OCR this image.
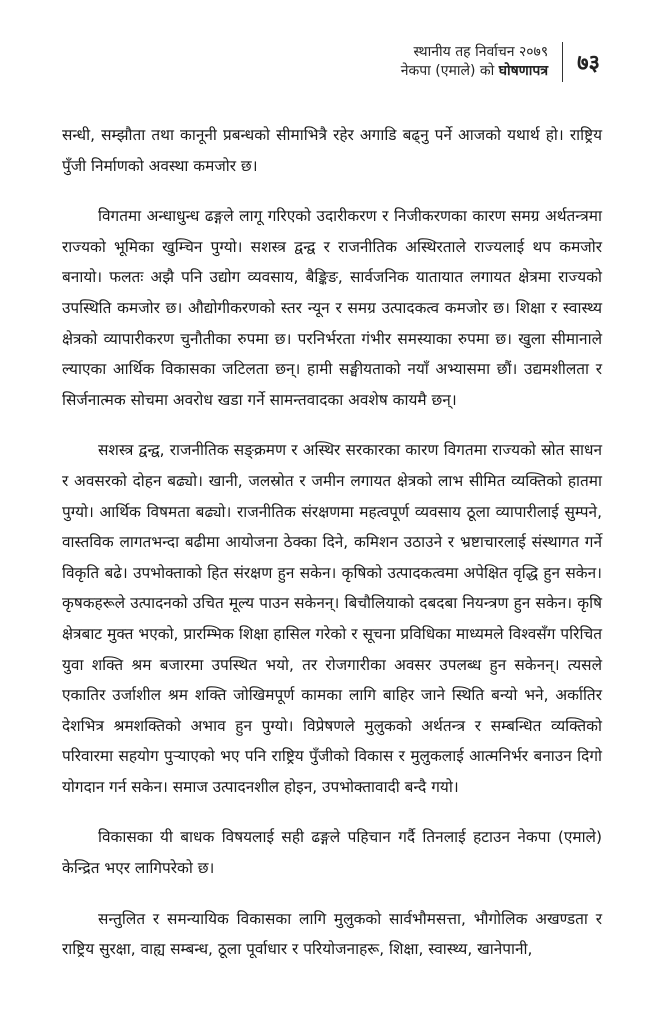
स्थानीय तह निर्वाचन २०७९
नेकपा (एमाले) को घोषणापत्र ७३

सन्धी, सम्झौता तथा कानूनी प्रबन्धको सीमाभित्रै रहेर अगाडि बढ्नु पर्ने आजको यथार्थ हो। राष्ट्रिय पुँजी निर्माणको अवस्था कमजोर छ।

विगतमा अन्धाधुन्ध ढङ्गले लागू गरिएको उदारीकरण र निजीकरणका कारण समग्र अर्थतन्त्रमा राज्यको भूमिका खुम्चिन पुग्यो। सशस्त्र द्वन्द्व र राजनीतिक अस्थिरताले राज्यलाई थप कमजोर बनायो। फलतः अझै पनि उद्योग व्यवसाय, बैङ्किङ, सार्वजनिक यातायात लगायत क्षेत्रमा राज्यको उपस्थिति कमजोर छ। औद्योगीकरणको स्तर न्यून र समग्र उत्पादकत्व कमजोर छ। शिक्षा र स्वास्थ्य क्षेत्रको व्यापारीकरण चुनौतीका रुपमा छ। परनिर्भरता गंभीर समस्याका रुपमा छ। खुला सीमानाले ल्याएका आर्थिक विकासका जटिलता छन्। हामी सङ्घीयताको नयाँ अभ्यासमा छौं। उद्यमशीलता र सिर्जनात्मक सोचमा अवरोध खडा गर्ने सामन्तवादका अवशेष कायमै छन्।

सशस्त्र द्वन्द्व, राजनीतिक सङ्क्रमण र अस्थिर सरकारका कारण विगतमा राज्यको स्रोत साधन र अवसरको दोहन बढ्यो। खानी, जलस्रोत र जमीन लगायत क्षेत्रको लाभ सीमित व्यक्तिको हातमा पुग्यो। आर्थिक विषमता बढ्यो। राजनीतिक संरक्षणमा महत्वपूर्ण व्यवसाय ठूला व्यापारीलाई सुम्पने, वास्तविक लागतभन्दा बढीमा आयोजना ठेक्का दिने, कमिशन उठाउने र भ्रष्टाचारलाई संस्थागत गर्ने विकृति बढे। उपभोक्ताको हित संरक्षण हुन सकेन। कृषिको उत्पादकत्वमा अपेक्षित वृद्धि हुन सकेन। कृषकहरूले उत्पादनको उचित मूल्य पाउन सकेनन्। बिचौलियाको दबदबा नियन्त्रण हुन सकेन। कृषि क्षेत्रबाट मुक्त भएको, प्रारम्भिक शिक्षा हासिल गरेको र सूचना प्रविधिका माध्यमले विश्वसँग परिचित युवा शक्ति श्रम बजारमा उपस्थित भयो, तर रोजगारीका अवसर उपलब्ध हुन सकेनन्। त्यसले एकातिर उर्जाशील श्रम शक्ति जोखिमपूर्ण कामका लागि बाहिर जाने स्थिति बन्यो भने, अर्कातिर देशभित्र श्रमशक्तिको अभाव हुन पुग्यो। विप्रेषणले मुलुकको अर्थतन्त्र र सम्बन्धित व्यक्तिको परिवारमा सहयोग पुऱ्याएको भए पनि राष्ट्रिय पुँजीको विकास र मुलुकलाई आत्मनिर्भर बनाउन दिगो योगदान गर्न सकेन। समाज उत्पादनशील होइन, उपभोक्तावादी बन्दै गयो।

विकासका यी बाधक विषयलाई सही ढङ्गले पहिचान गर्दै तिनलाई हटाउन नेकपा (एमाले) केन्द्रित भएर लागिपरेको छ।

सन्तुलित र समन्यायिक विकासका लागि मुलुकको सार्वभौमसत्ता, भौगोलिक अखण्डता र राष्ट्रिय सुरक्षा, वाह्य सम्बन्ध, ठूला पूर्वाधार र परियोजनाहरू, शिक्षा, स्वास्थ्य, खानेपानी,
